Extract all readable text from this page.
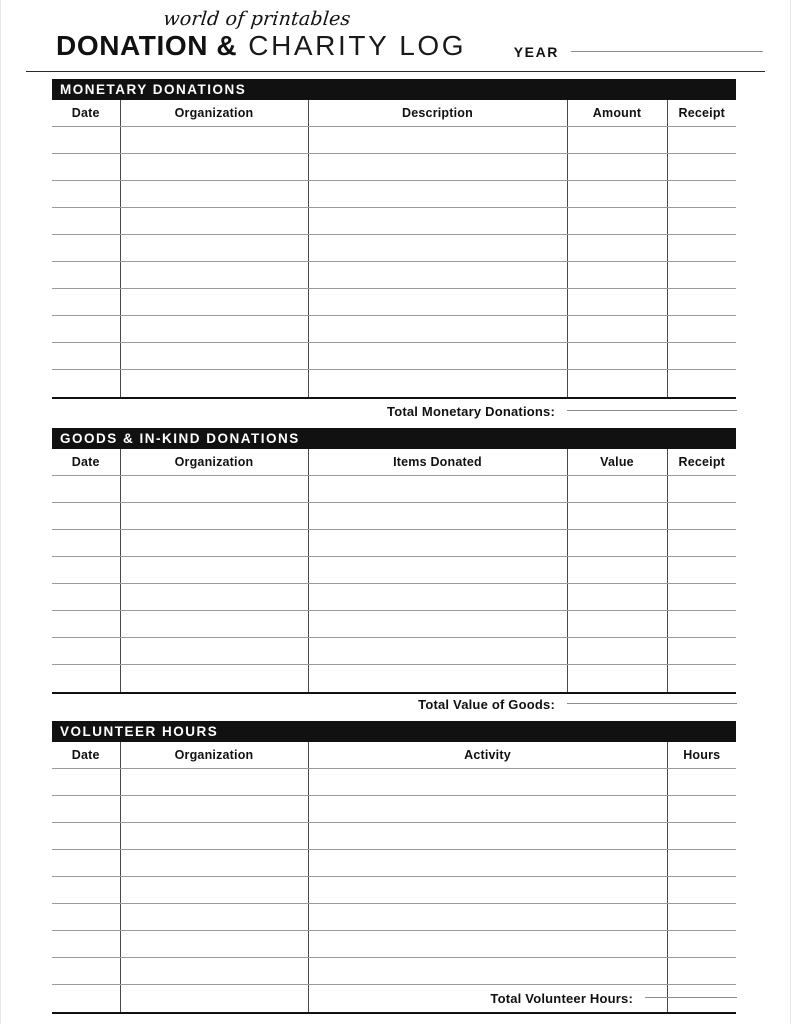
world of printables
DONATION & CHARITY LOG	YEAR
MONETARY DONATIONS
Date	Organization	Description	Amount	Receipt

GOODS & IN-KIND DONATIONS
Date	Organization	Items Donated	Value	Receipt

VOLUNTEER HOURS
Date	Organization	Activity	Hours

Total Monetary Donations:
Total Value of Goods:
Total Volunteer Hours:
